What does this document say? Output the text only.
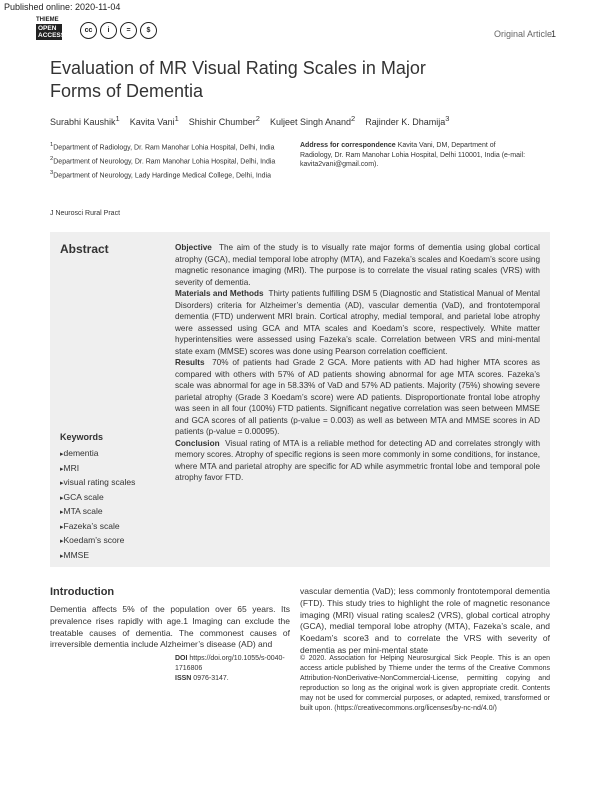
Published online: 2020-11-04
THIEME
OPEN
ACCESS
cc	i	=	$	Original Article
1
Evaluation of MR Visual Rating Scales in Major Forms of Dementia
Surabhi Kaushik$^1$ Kavita Vani$^1$ Shishir Chumber$^2$ Kuljeet Singh Anand$^2$ Rajinder K. Dhamija$^3$
$^1$Department of Radiology, Dr. Ram Manohar Lohia Hospital, Delhi, India
$^2$Department of Neurology, Dr. Ram Manohar Lohia Hospital, Delhi, India
$^3$Department of Neurology, Lady Hardinge Medical College, Delhi, India
Address for correspondence Kavita Vani, DM, Department of Radiology, Dr. Ram Manohar Lohia Hospital, Delhi 110001, India (e-mail: kavita2vani@gmail.com).
J Neurosci Rural Pract
Abstract	Objective The aim of the study is to visually rate major forms of dementia using global cortical atrophy (GCA), medial temporal lobe atrophy (MTA), and Fazeka’s scales and Koedam’s score using magnetic resonance imaging (MRI). The purpose is to correlate the visual rating scales (VRS) with severity of dementia.

Materials and Methods Thirty patients fulfilling DSM 5 (Diagnostic and Statistical Manual of Mental Disorders) criteria for Alzheimer’s dementia (AD), vascular dementia (VaD), and frontotemporal dementia (FTD) underwent MRI brain. Cortical atrophy, medial temporal, and parietal lobe atrophy were assessed using GCA and MTA scales and Koedam’s score, respectively. White matter hyperintensities were assessed using Fazeka’s scale. Correlation between VRS and mini-mental state exam (MMSE) scores was done using Pearson correlation coefficient.

Results 70% of patients had Grade 2 GCA. More patients with AD had higher MTA scores as compared with others with 57% of AD patients showing abnormal for age MTA scores. Fazeka’s scale was abnormal for age in 58.33% of VaD and 57% AD patients. Majority (75%) showing severe parietal atrophy (Grade 3 Koedam’s score) were AD patients. Disproportionate frontal lobe atrophy was seen in all four (100%) FTD patients. Significant negative correlation was seen between MMSE and GCA scores of all patients (p-value = 0.003) as well as between MTA and MMSE scores in AD patients (p-value = 0.00095).

Conclusion Visual rating of MTA is a reliable method for detecting AD and correlates strongly with memory scores. Atrophy of specific regions is seen more commonly in some conditions, for instance, where MTA and parietal atrophy are specific for AD while asymmetric frontal lobe and temporal pole atrophy favor FTD.

Keywords
▸ dementia
▸ MRI
▸ visual rating scales
▸ GCA scale
▸ MTA scale
▸ Fazeka’s scale
▸ Koedam’s score
▸ MMSE
Introduction
Dementia affects 5% of the population over 65 years. Its prevalence rises rapidly with age.1 Imaging can exclude the treatable causes of dementia. The commonest causes of irreversible dementia include Alzheimer’s disease (AD) and
vascular dementia (VaD); less commonly frontotemporal dementia (FTD). This study tries to highlight the role of magnetic resonance imaging (MRI) visual rating scales2 (VRS), global cortical atrophy (GCA), medial temporal lobe atrophy (MTA), Fazeka’s scale, and Koedam’s score3 and to correlate the VRS with severity of dementia as per mini-mental state
DOI https://doi.org/10.1055/s-0040-1716806
ISSN 0976-3147.
© 2020. Association for Helping Neurosurgical Sick People. This is an open access article published by Thieme under the terms of the Creative Commons Attribution-NonDerivative-NonCommercial-License, permitting copying and reproduction so long as the original work is given appropriate credit. Contents may not be used for commercial purposes, or adapted, remixed, transformed or built upon. (https://creativecommons.org/licenses/by-nc-nd/4.0/)
